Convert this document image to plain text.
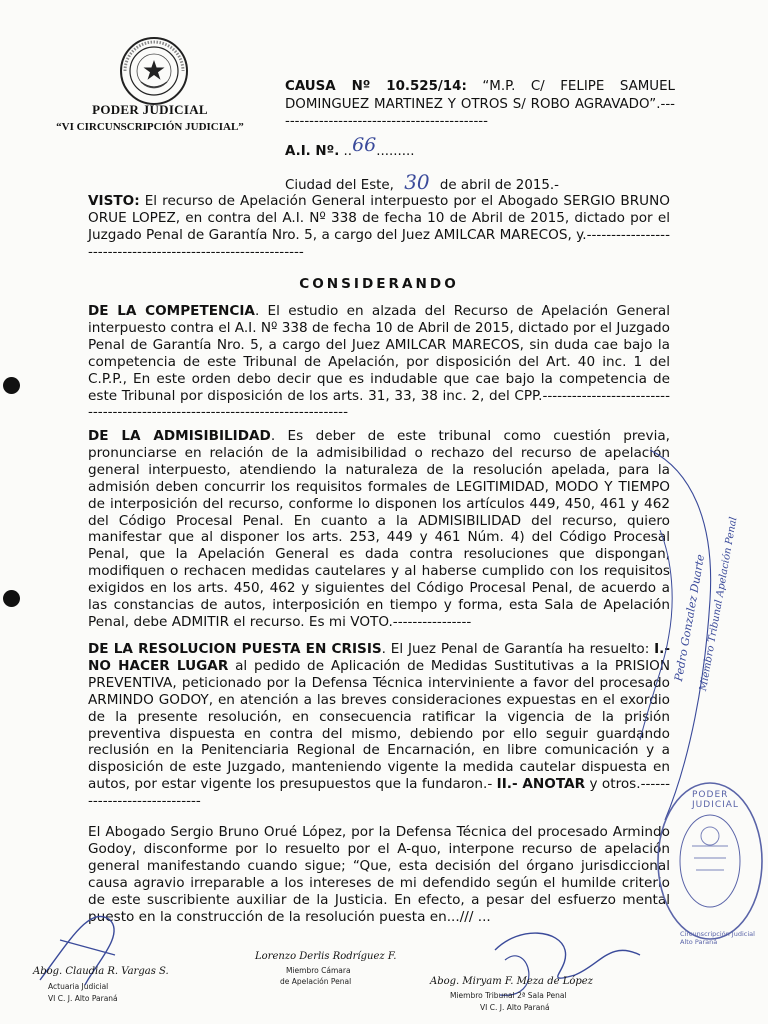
PODER JUDICIAL
“VI CIRCUNSCRIPCIÓN JUDICIAL”
CAUSA Nº 10.525/14: “M.P. C/ FELIPE SAMUEL DOMINGUEZ MARTINEZ Y OTROS S/ ROBO AGRAVADO”.---------------------------------------------
A.I. Nº. ..66.........
Ciudad del Este, 30 de abril de 2015.-
VISTO: El recurso de Apelación General interpuesto por el Abogado SERGIO BRUNO ORUE LOPEZ, en contra del A.I. Nº 338 de fecha 10 de Abril de 2015, dictado por el Juzgado Penal de Garantía Nro. 5, a cargo del Juez AMILCAR MARECOS, y.-------------------------------------------------------------
CONSIDERANDO
DE LA COMPETENCIA. El estudio en alzada del Recurso de Apelación General interpuesto contra el A.I. Nº 338 de fecha 10 de Abril de 2015, dictado por el Juzgado Penal de Garantía Nro. 5, a cargo del Juez AMILCAR MARECOS, sin duda cae bajo la competencia de este Tribunal de Apelación, por disposición del Art. 40 inc. 1 del C.P.P., En este orden debo decir que es indudable que cae bajo la competencia de este Tribunal por disposición de los arts. 31, 33, 38 inc. 2, del CPP.-------------------------------------------------------------------------------
DE LA ADMISIBILIDAD. Es deber de este tribunal como cuestión previa, pronunciarse en relación de la admisibilidad o rechazo del recurso de apelación general interpuesto, atendiendo la naturaleza de la resolución apelada, para la admisión deben concurrir los requisitos formales de LEGITIMIDAD, MODO Y TIEMPO de interposición del recurso, conforme lo disponen los artículos 449, 450, 461 y 462 del Código Procesal Penal. En cuanto a la ADMISIBILIDAD del recurso, quiero manifestar que al disponer los arts. 253, 449 y 461 Núm. 4) del Código Procesal Penal, que la Apelación General es dada contra resoluciones que dispongan, modifiquen o rechacen medidas cautelares y al haberse cumplido con los requisitos exigidos en los arts. 450, 462 y siguientes del Código Procesal Penal, de acuerdo a las constancias de autos, interposición en tiempo y forma, esta Sala de Apelación Penal, debe ADMITIR el recurso. Es mi VOTO.----------------
DE LA RESOLUCION PUESTA EN CRISIS. El Juez Penal de Garantía ha resuelto: I.- NO HACER LUGAR al pedido de Aplicación de Medidas Sustitutivas a la PRISION PREVENTIVA, peticionado por la Defensa Técnica interviniente a favor del procesado ARMINDO GODOY, en atención a las breves consideraciones expuestas en el exordio de la presente resolución, en consecuencia ratificar la vigencia de la prisión preventiva dispuesta en contra del mismo, debiendo por ello seguir guardando reclusión en la Penitenciaria Regional de Encarnación, en libre comunicación y a disposición de este Juzgado, manteniendo vigente la medida cautelar dispuesta en autos, por estar vigente los presupuestos que la fundaron.- II.- ANOTAR y otros.-----------------------------
El Abogado Sergio Bruno Orué López, por la Defensa Técnica del procesado Armindo Godoy, disconforme por lo resuelto por el A-quo, interpone recurso de apelación general manifestando cuando sigue; “Que, esta decisión del órgano jurisdiccional causa agravio irreparable a los intereses de mi defendido según el humilde criterio de este suscribiente auxiliar de la Justicia. En efecto, a pesar del esfuerzo mental puesto en la construcción de la resolución puesta en.../// ...
Pedro Gonzalez Duarte
Miembro Tribunal Apelación Penal
PODER JUDICIAL
Circunscripción Judicial Alto Paraná
Abog. Claudia R. Vargas S.
Actuaria Judicial
VI C. J. Alto Paraná
Lorenzo Derlis Rodríguez F.
Miembro Cámara
de Apelación Penal	Abog. Miryam F. Meza de López
Miembro Tribunal 2ª Sala Penal
VI C. J. Alto Paraná
